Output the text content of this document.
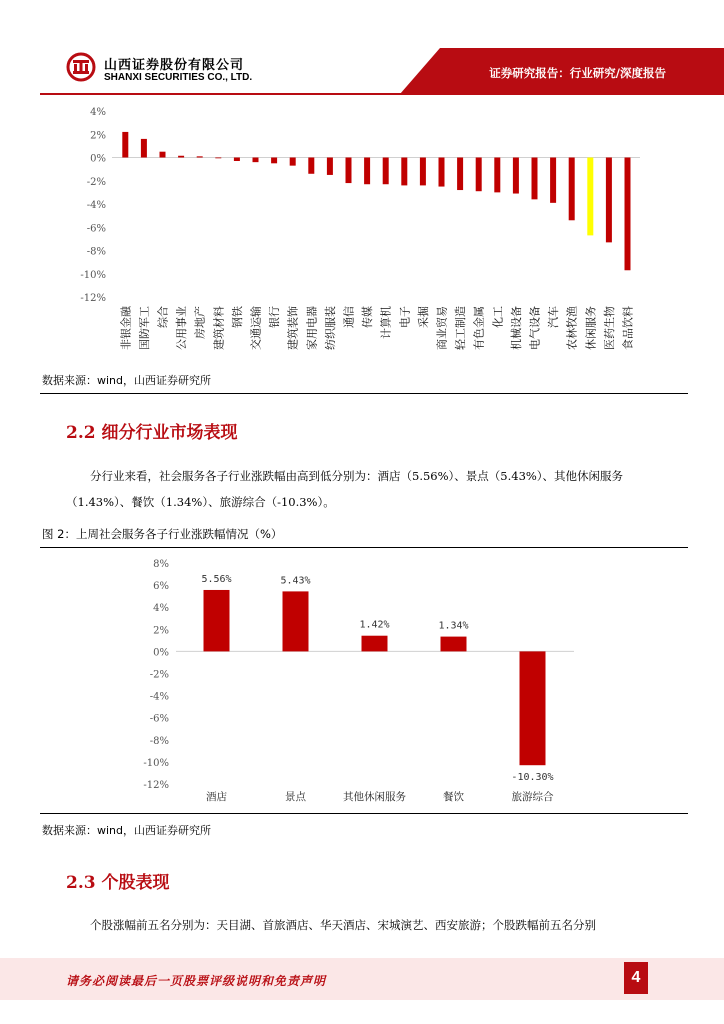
山西证券股份有限公司
SHANXI SECURITIES CO., LTD.	证券研究报告：行业研究/深度报告
4%
2%
0%
-2%
-4%
-6%
-8%
-10%
-12%
非银金融 国防军工 综合 公用事业 房地产 建筑材料 钢铁 交通运输 银行 建筑装饰 家用电器 纺织服装 通信 传媒 计算机 电子 采掘 商业贸易 轻工制造 有色金属 化工 机械设备 电气设备 汽车 农林牧渔 休闲服务 医药生物 食品饮料
数据来源：wind，山西证券研究所
2.2 细分行业市场表现
分行业来看，社会服务各子行业涨跌幅由高到低分别为：酒店（5.56%）、景点（5.43%）、其他休闲服务（1.43%）、餐饮（1.34%）、旅游综合（-10.3%）。
图 2：上周社会服务各子行业涨跌幅情况（%）
8%
6%
4%
2%
0%
-2%
-4%
-6%
-8%
-10%
-12%
5.56%
酒店
5.43%
景点
1.42%
其他休闲服务
1.34%
餐饮
-10.30%
旅游综合
数据来源：wind，山西证券研究所
2.3 个股表现
个股涨幅前五名分别为：天目湖、首旅酒店、华天酒店、宋城演艺、西安旅游；个股跌幅前五名分别
请务必阅读最后一页股票评级说明和免责声明	4
